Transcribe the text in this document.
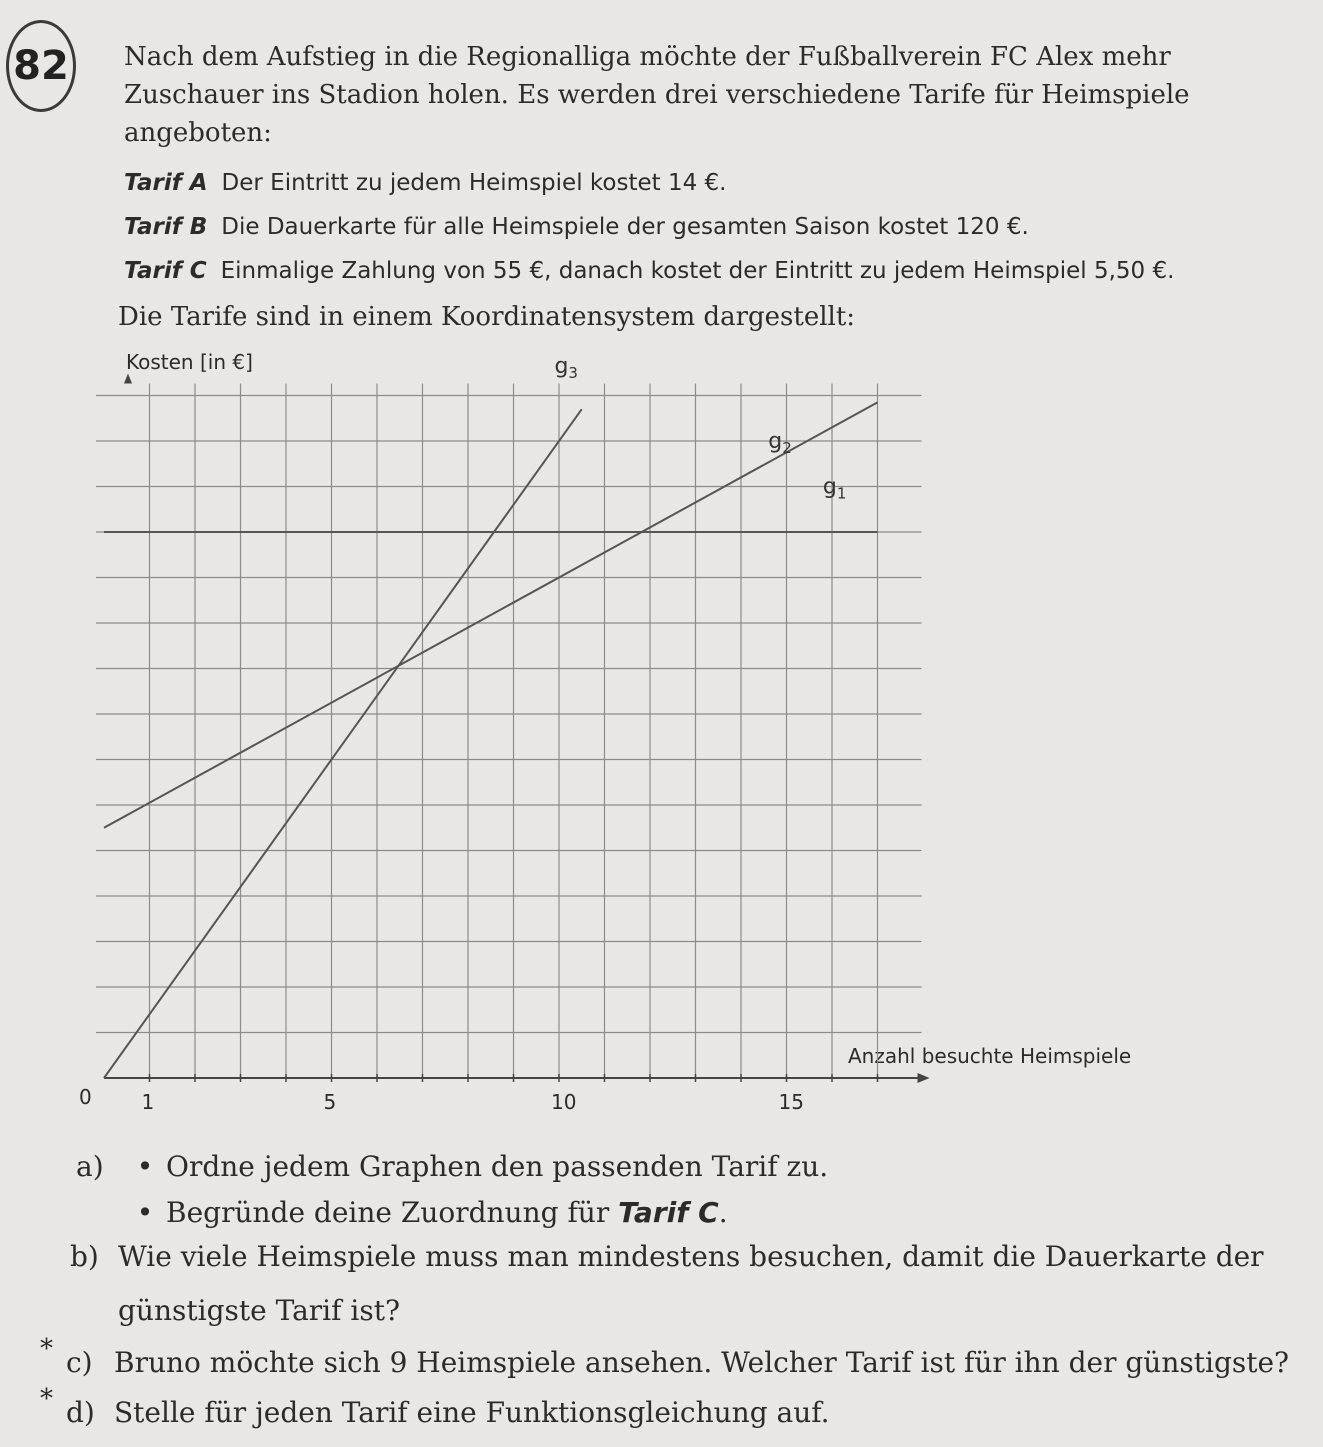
82 Nach dem Aufstieg in die Regionalliga möchte der Fußballverein FC Alex mehr Zuschauer ins Stadion holen. Es werden drei verschiedene Tarife für Heimspiele angeboten:
Tarif A Der Eintritt zu jedem Heimspiel kostet 14 €.
Tarif B Die Dauerkarte für alle Heimspiele der gesamten Saison kostet 120 €.
Tarif C Einmalige Zahlung von 55 €, danach kostet der Eintritt zu jedem Heimspiel 5,50 €.
Die Tarife sind in einem Koordinatensystem dargestellt:
Kosten [in €]
Anzahl besuchte Heimspiele
0
$g_1$
$g_2$
$g_3$
1	5	10	15
a) • Ordne jedem Graphen den passenden Tarif zu.
• Begründe deine Zuordnung für Tarif C.
b) Wie viele Heimspiele muss man mindestens besuchen, damit die Dauerkarte der
günstigste Tarif ist?
* c) Bruno möchte sich 9 Heimspiele ansehen. Welcher Tarif ist für ihn der günstigste?
* d) Stelle für jeden Tarif eine Funktionsgleichung auf.
